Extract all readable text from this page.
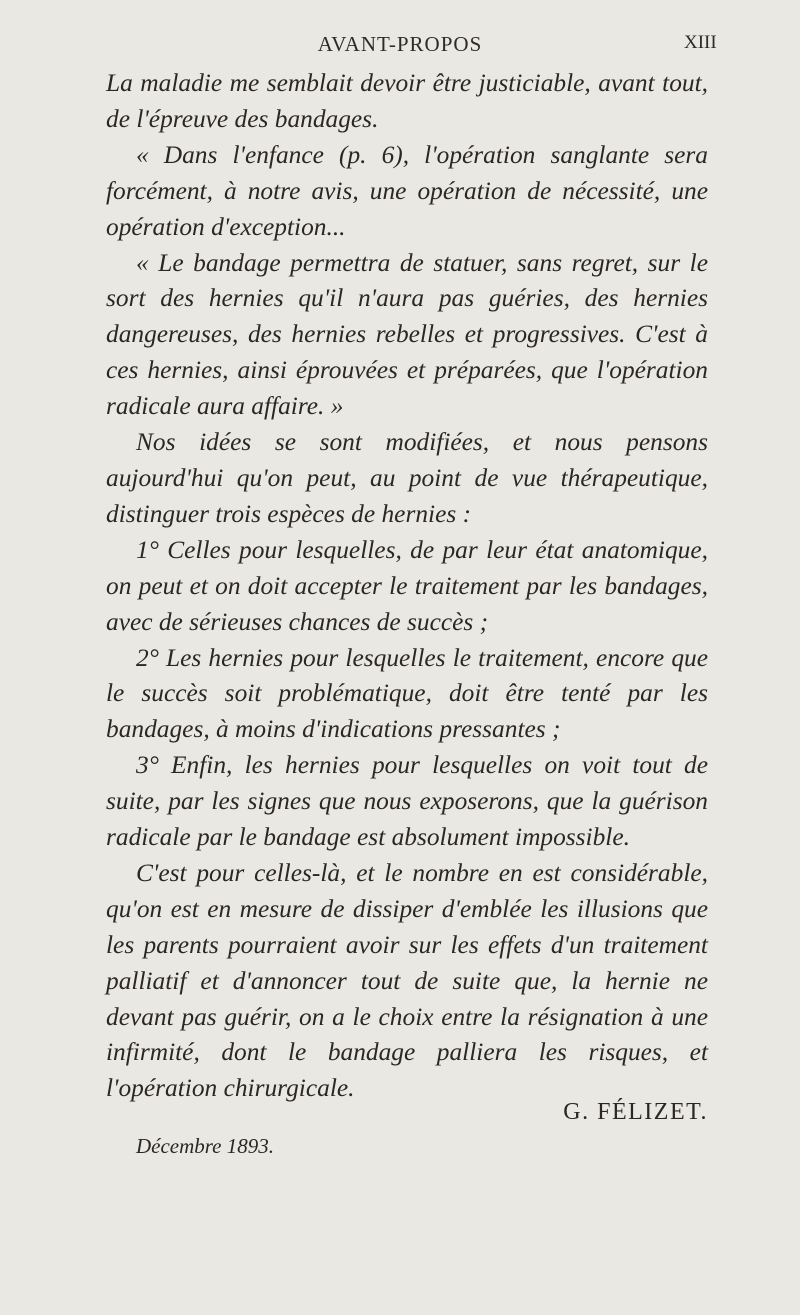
AVANT-PROPOS	XIII

La maladie me semblait devoir être justiciable, avant tout, de l'épreuve des bandages.

« Dans l'enfance (p. 6), l'opération sanglante sera forcément, à notre avis, une opération de nécessité, une opération d'exception...

« Le bandage permettra de statuer, sans regret, sur le sort des hernies qu'il n'aura pas guéries, des hernies dangereuses, des hernies rebelles et progressives. C'est à ces hernies, ainsi éprouvées et préparées, que l'opération radicale aura affaire. »

Nos idées se sont modifiées, et nous pensons aujourd'hui qu'on peut, au point de vue thérapeutique, distinguer trois espèces de hernies :

1° Celles pour lesquelles, de par leur état anatomique, on peut et on doit accepter le traitement par les bandages, avec de sérieuses chances de succès ;

2° Les hernies pour lesquelles le traitement, encore que le succès soit problématique, doit être tenté par les bandages, à moins d'indications pressantes ;

3° Enfin, les hernies pour lesquelles on voit tout de suite, par les signes que nous exposerons, que la guérison radicale par le bandage est absolument impossible.

C'est pour celles-là, et le nombre en est considérable, qu'on est en mesure de dissiper d'emblée les illusions que les parents pourraient avoir sur les effets d'un traitement palliatif et d'annoncer tout de suite que, la hernie ne devant pas guérir, on a le choix entre la résignation à une infirmité, dont le bandage palliera les risques, et l'opération chirurgicale.

G. FÉLIZET.
Décembre 1893.
